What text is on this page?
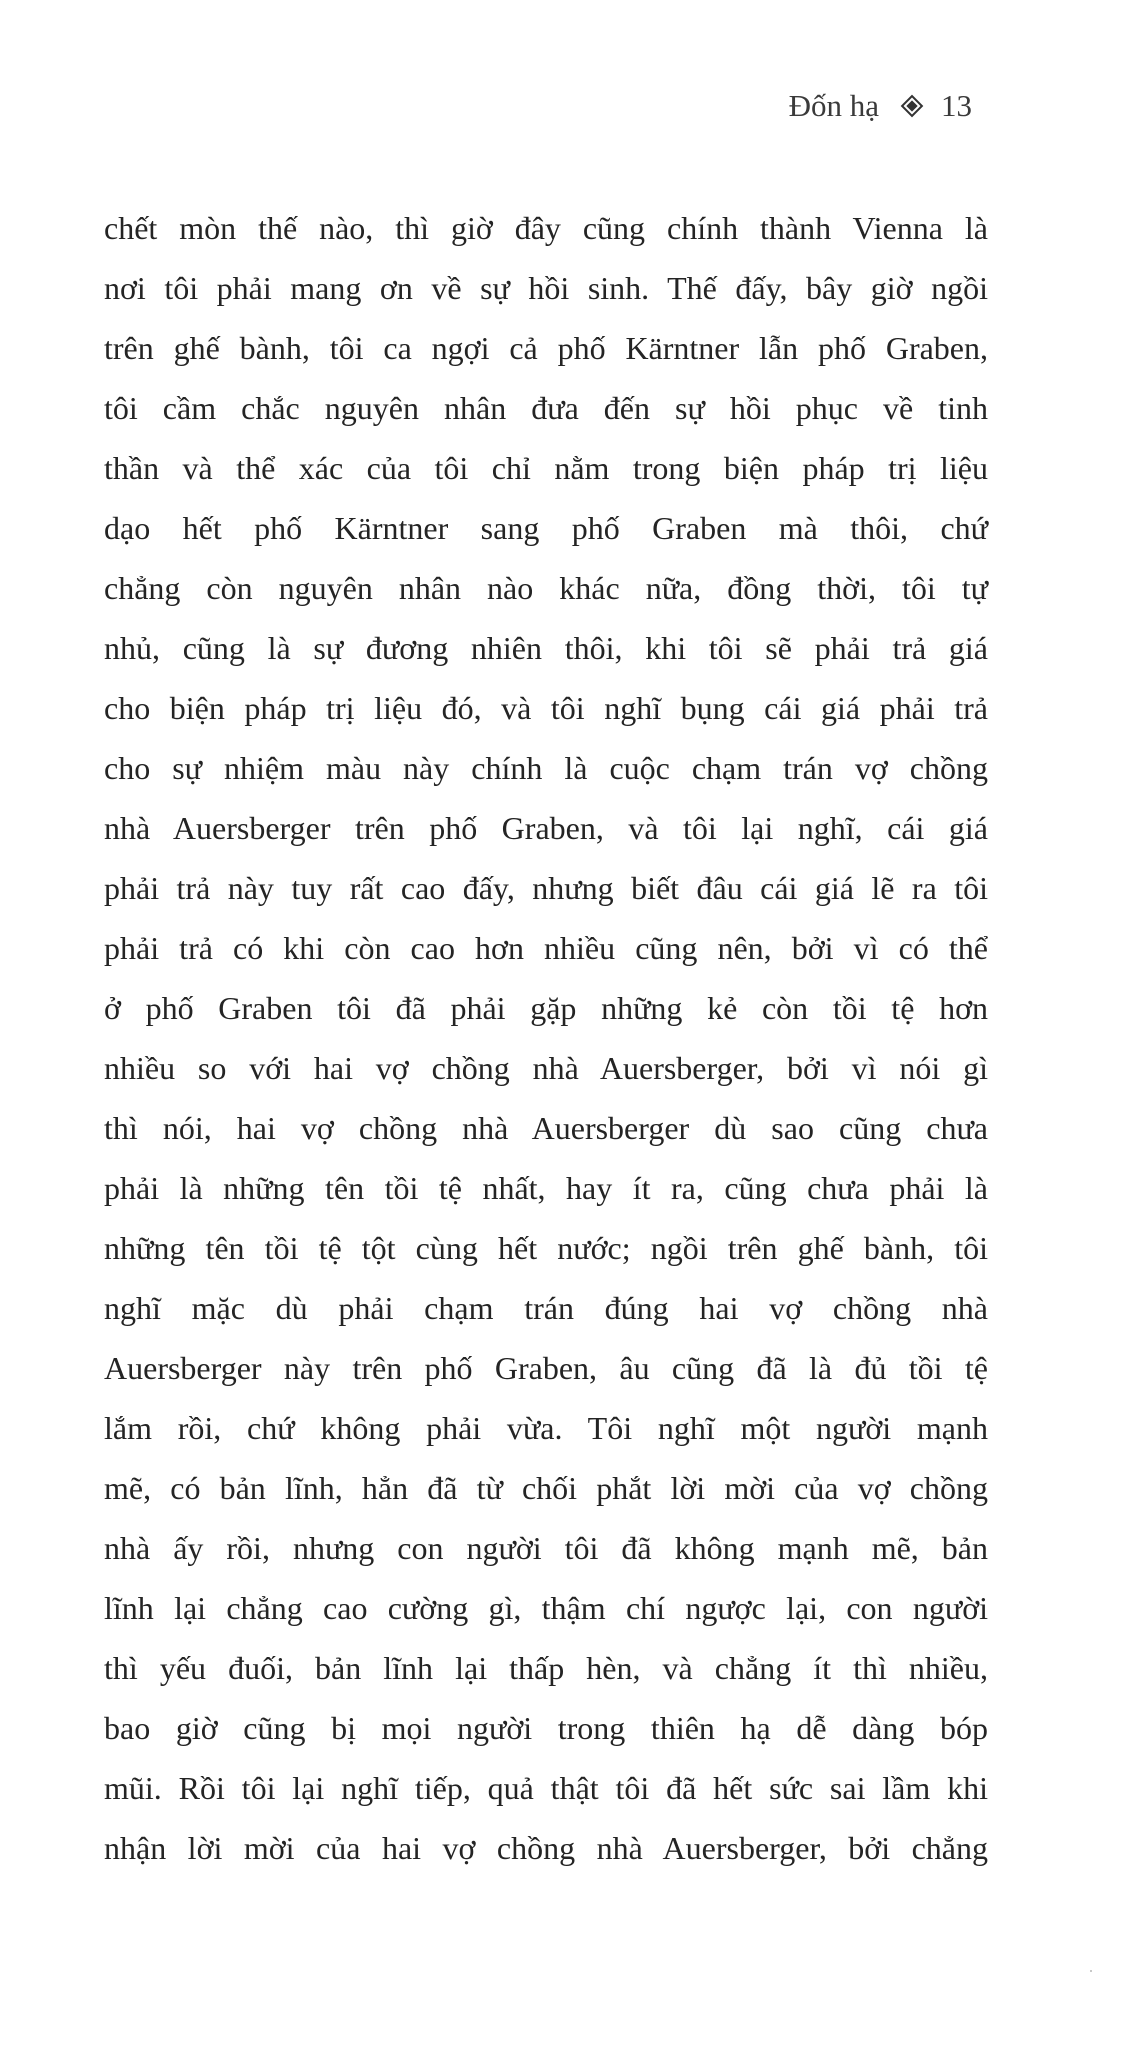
Đốn hạ 13
chết mòn thế nào, thì giờ đây cũng chính thành Vienna là
nơi tôi phải mang ơn về sự hồi sinh. Thế đấy, bây giờ ngồi
trên ghế bành, tôi ca ngợi cả phố Kärntner lẫn phố Graben,
tôi cầm chắc nguyên nhân đưa đến sự hồi phục về tinh
thần và thể xác của tôi chỉ nằm trong biện pháp trị liệu
dạo hết phố Kärntner sang phố Graben mà thôi, chứ
chẳng còn nguyên nhân nào khác nữa, đồng thời, tôi tự
nhủ, cũng là sự đương nhiên thôi, khi tôi sẽ phải trả giá
cho biện pháp trị liệu đó, và tôi nghĩ bụng cái giá phải trả
cho sự nhiệm màu này chính là cuộc chạm trán vợ chồng
nhà Auersberger trên phố Graben, và tôi lại nghĩ, cái giá
phải trả này tuy rất cao đấy, nhưng biết đâu cái giá lẽ ra tôi
phải trả có khi còn cao hơn nhiều cũng nên, bởi vì có thể
ở phố Graben tôi đã phải gặp những kẻ còn tồi tệ hơn
nhiều so với hai vợ chồng nhà Auersberger, bởi vì nói gì
thì nói, hai vợ chồng nhà Auersberger dù sao cũng chưa
phải là những tên tồi tệ nhất, hay ít ra, cũng chưa phải là
những tên tồi tệ tột cùng hết nước; ngồi trên ghế bành, tôi
nghĩ mặc dù phải chạm trán đúng hai vợ chồng nhà
Auersberger này trên phố Graben, âu cũng đã là đủ tồi tệ
lắm rồi, chứ không phải vừa. Tôi nghĩ một người mạnh
mẽ, có bản lĩnh, hẳn đã từ chối phắt lời mời của vợ chồng
nhà ấy rồi, nhưng con người tôi đã không mạnh mẽ, bản
lĩnh lại chẳng cao cường gì, thậm chí ngược lại, con người
thì yếu đuối, bản lĩnh lại thấp hèn, và chẳng ít thì nhiều,
bao giờ cũng bị mọi người trong thiên hạ dễ dàng bóp
mũi. Rồi tôi lại nghĩ tiếp, quả thật tôi đã hết sức sai lầm khi
nhận lời mời của hai vợ chồng nhà Auersberger, bởi chẳng
